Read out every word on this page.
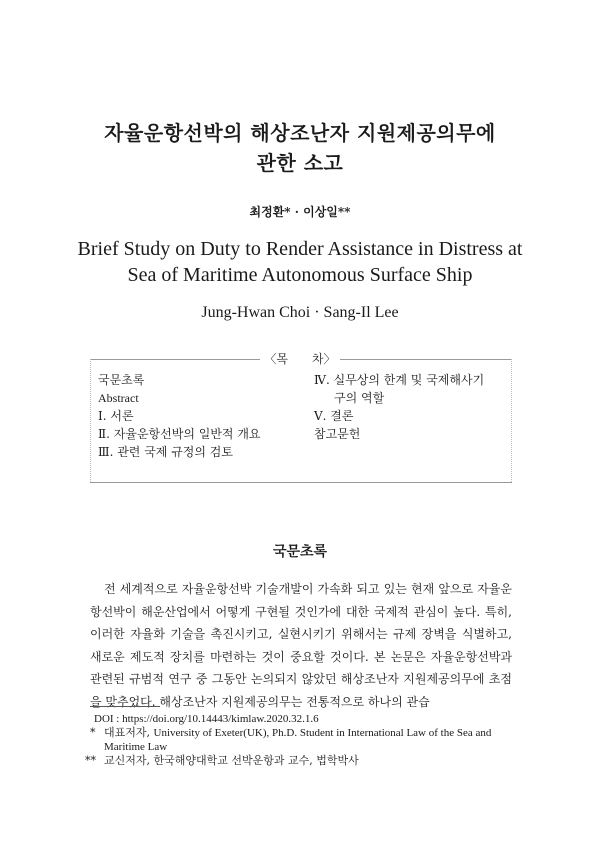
자율운항선박의 해상조난자 지원제공의무에
관한 소고
최정환* · 이상일**
Brief Study on Duty to Render Assistance in Distress at
Sea of Maritime Autonomous Surface Ship
Jung-Hwan Choi · Sang-Il Lee
〈목　　차〉
국문초록
Abstract
Ⅰ. 서론
Ⅱ. 자율운항선박의 일반적 개요
Ⅲ. 관련 국제 규정의 검토
Ⅳ. 실무상의 한계 및 국제해사기
구의 역할
Ⅴ. 결론
참고문헌
국문초록

전 세계적으로 자율운항선박 기술개발이 가속화 되고 있는 현재 앞으로 자율운항선박이 해운산업에서 어떻게 구현될 것인가에 대한 국제적 관심이 높다. 특히, 이러한 자율화 기술을 촉진시키고, 실현시키기 위해서는 규제 장벽을 식별하고, 새로운 제도적 장치를 마련하는 것이 중요할 것이다. 본 논문은 자율운항선박과 관련된 규범적 연구 중 그동안 논의되지 않았던 해상조난자 지원제공의무에 초점을 맞추었다. 해상조난자 지원제공의무는 전통적으로 하나의 관습

DOI : https://doi.org/10.14443/kimlaw.2020.32.1.6
* 대표저자, University of Exeter(UK), Ph.D. Student in International Law of the Sea and Maritime Law
** 교신저자, 한국해양대학교 선박운항과 교수, 법학박사
